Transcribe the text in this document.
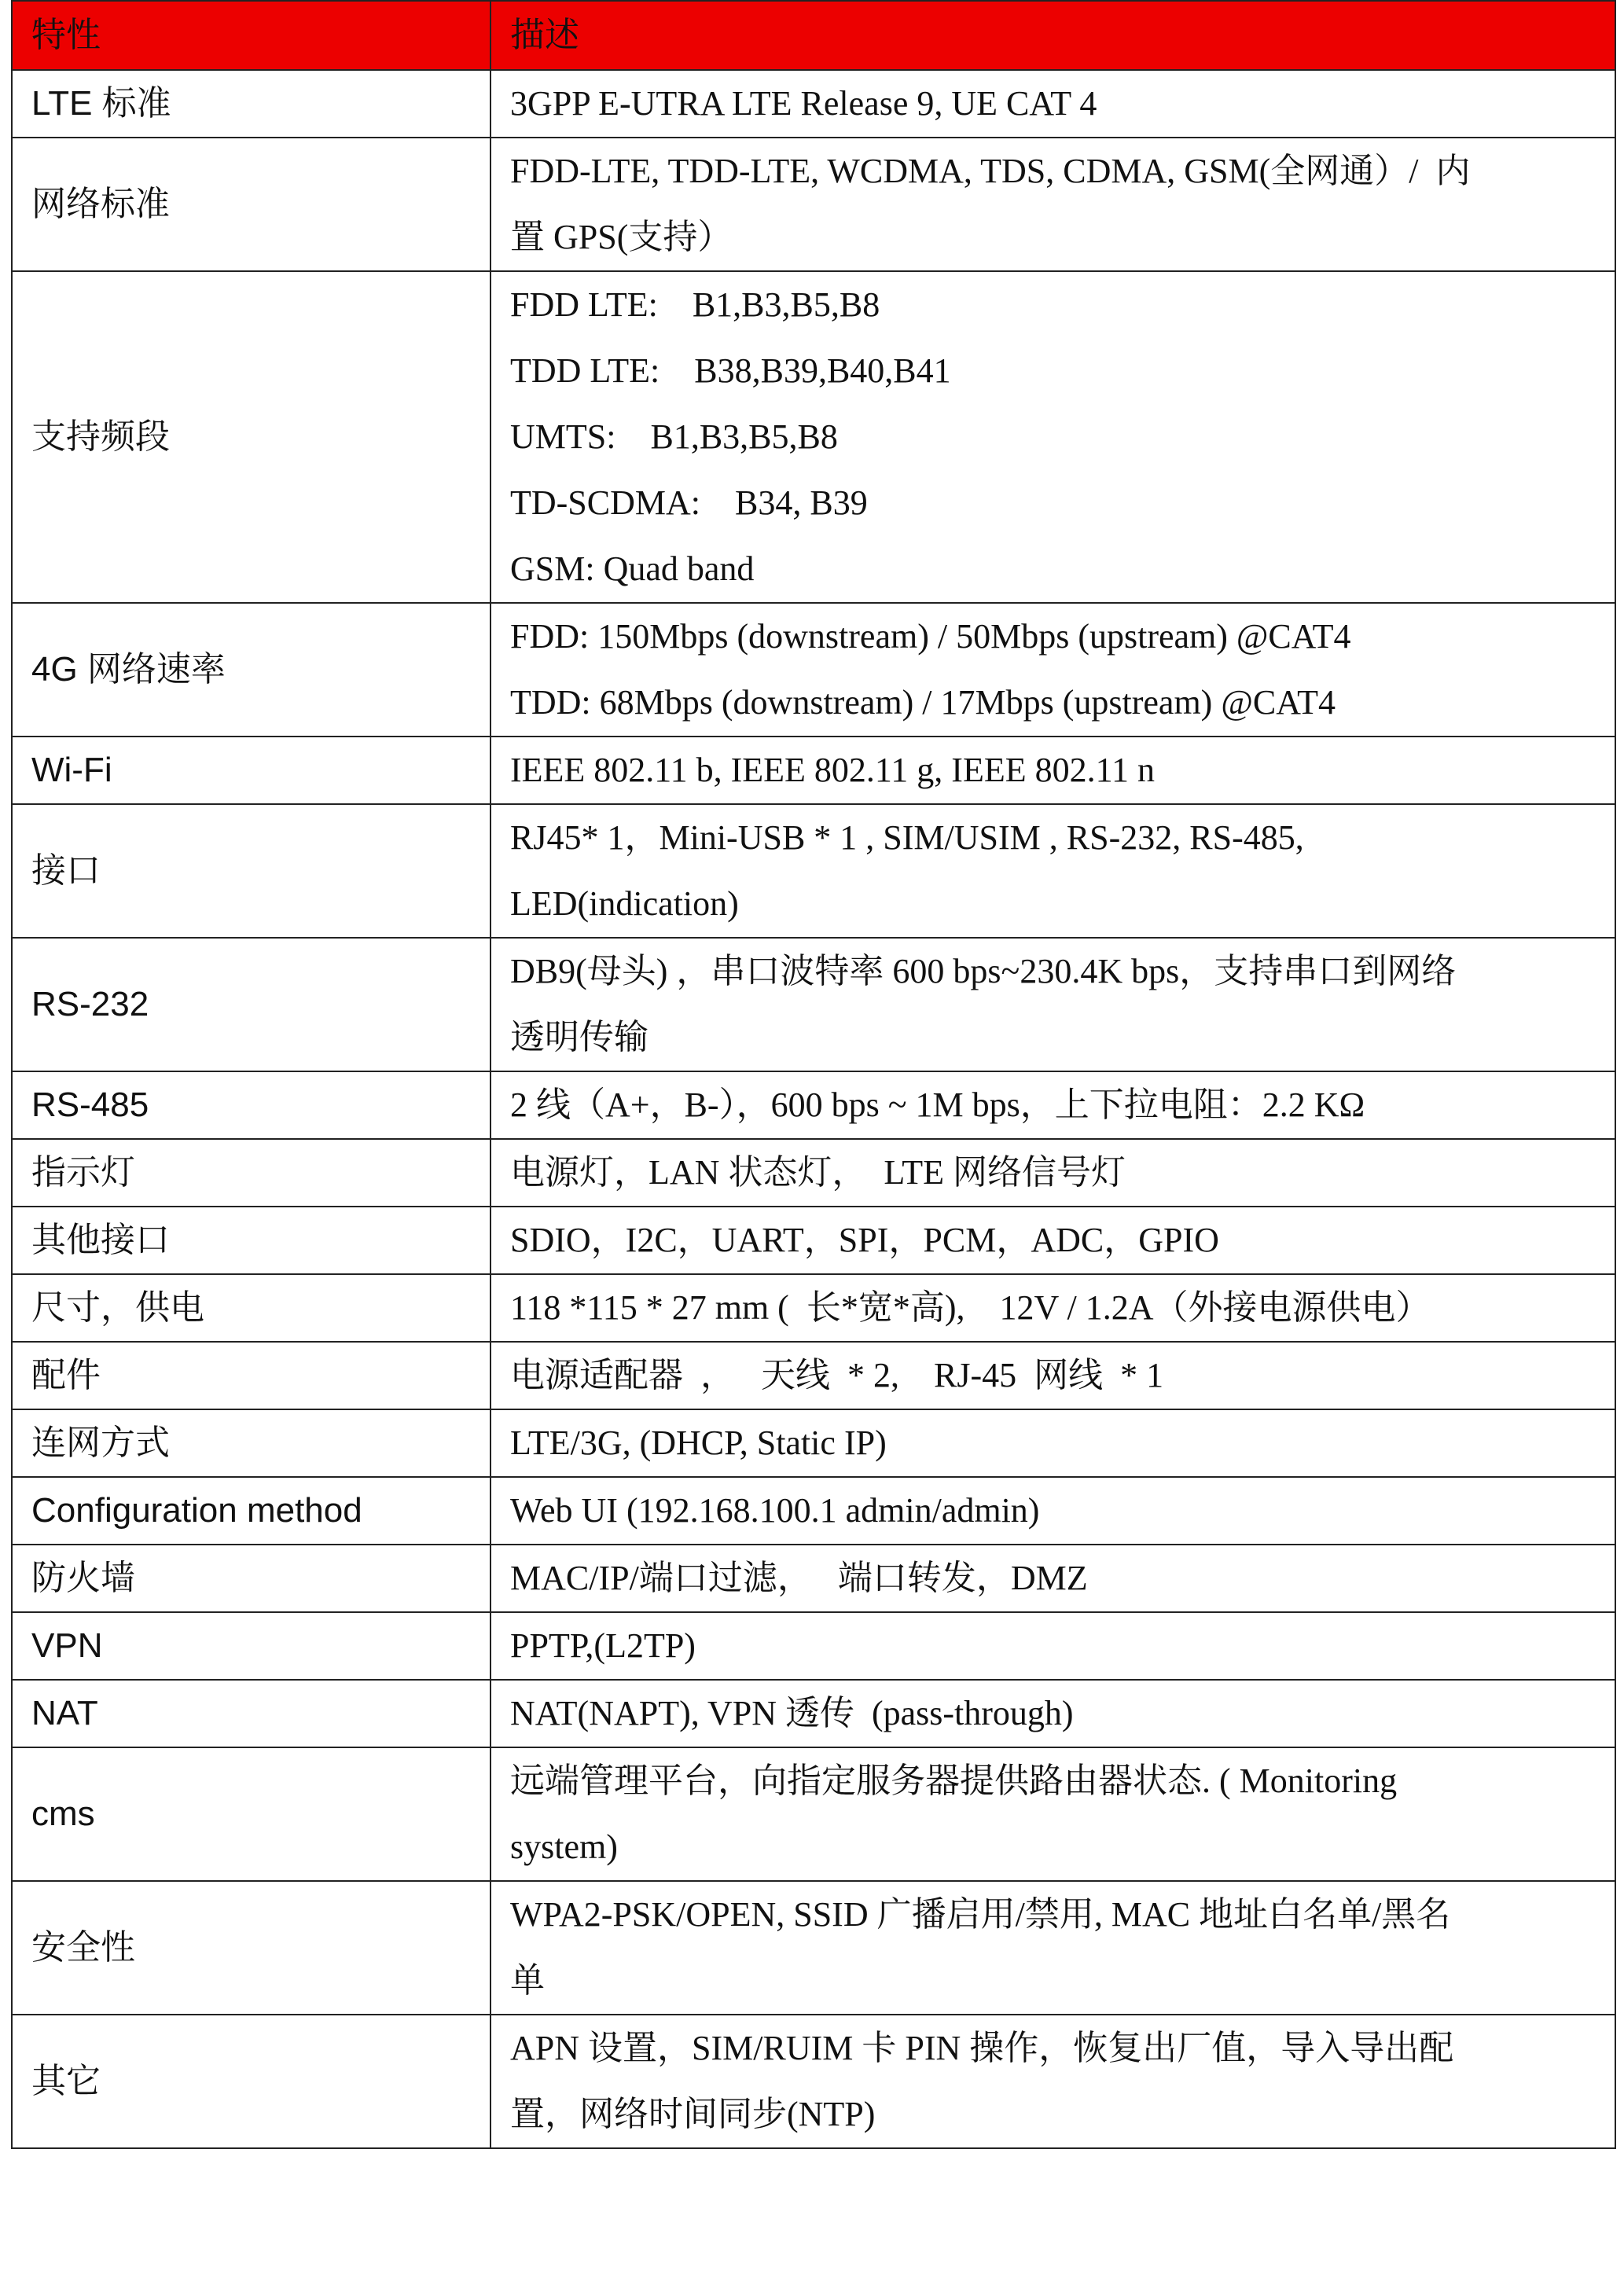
特性	描述
LTE 标准	3GPP E-UTRA LTE Release 9, UE CAT 4

网络标准	FDD-LTE, TDD-LTE, WCDMA, TDS, CDMA, GSM(全网通）/  内
置 GPS(支持）

支持频段	FDD LTE:    B1,B3,B5,B8
TDD LTE:    B38,B39,B40,B41
UMTS:    B1,B3,B5,B8
TD-SCDMA:    B34, B39
GSM: Quad band

4G 网络速率	FDD: 150Mbps (downstream) / 50Mbps (upstream) @CAT4
TDD: 68Mbps (downstream) / 17Mbps (upstream) @CAT4

Wi-Fi	IEEE 802.11 b, IEEE 802.11 g, IEEE 802.11 n

接口	RJ45* 1，Mini-USB * 1 , SIM/USIM , RS-232, RS-485,
LED(indication)

RS-232	DB9(母头) ，串口波特率 600 bps~230.4K bps，支持串口到网络
透明传输

RS-485	2 线（A+，B-），600 bps ~ 1M bps，上下拉电阻：2.2 KΩ

指示灯	电源灯，LAN 状态灯，  LTE 网络信号灯

其他接口	SDIO，I2C，UART，SPI，PCM，ADC，GPIO

尺寸，供电	118 *115 * 27 mm (  长*宽*高),    12V / 1.2A（外接电源供电）

配件	电源适配器  ，   天线  * 2,    RJ-45  网线  * 1

连网方式	LTE/3G, (DHCP, Static IP)

Configuration method	Web UI (192.168.100.1 admin/admin)

防火墙	MAC/IP/端口过滤，   端口转发，DMZ

VPN	PPTP,(L2TP)

NAT	NAT(NAPT), VPN 透传  (pass-through)

cms	远端管理平台，向指定服务器提供路由器状态. ( Monitoring
system)

安全性	WPA2-PSK/OPEN, SSID 广播启用/禁用, MAC 地址白名单/黑名
单

其它	APN 设置，SIM/RUIM 卡 PIN 操作，恢复出厂值，导入导出配
置，网络时间同步(NTP)
